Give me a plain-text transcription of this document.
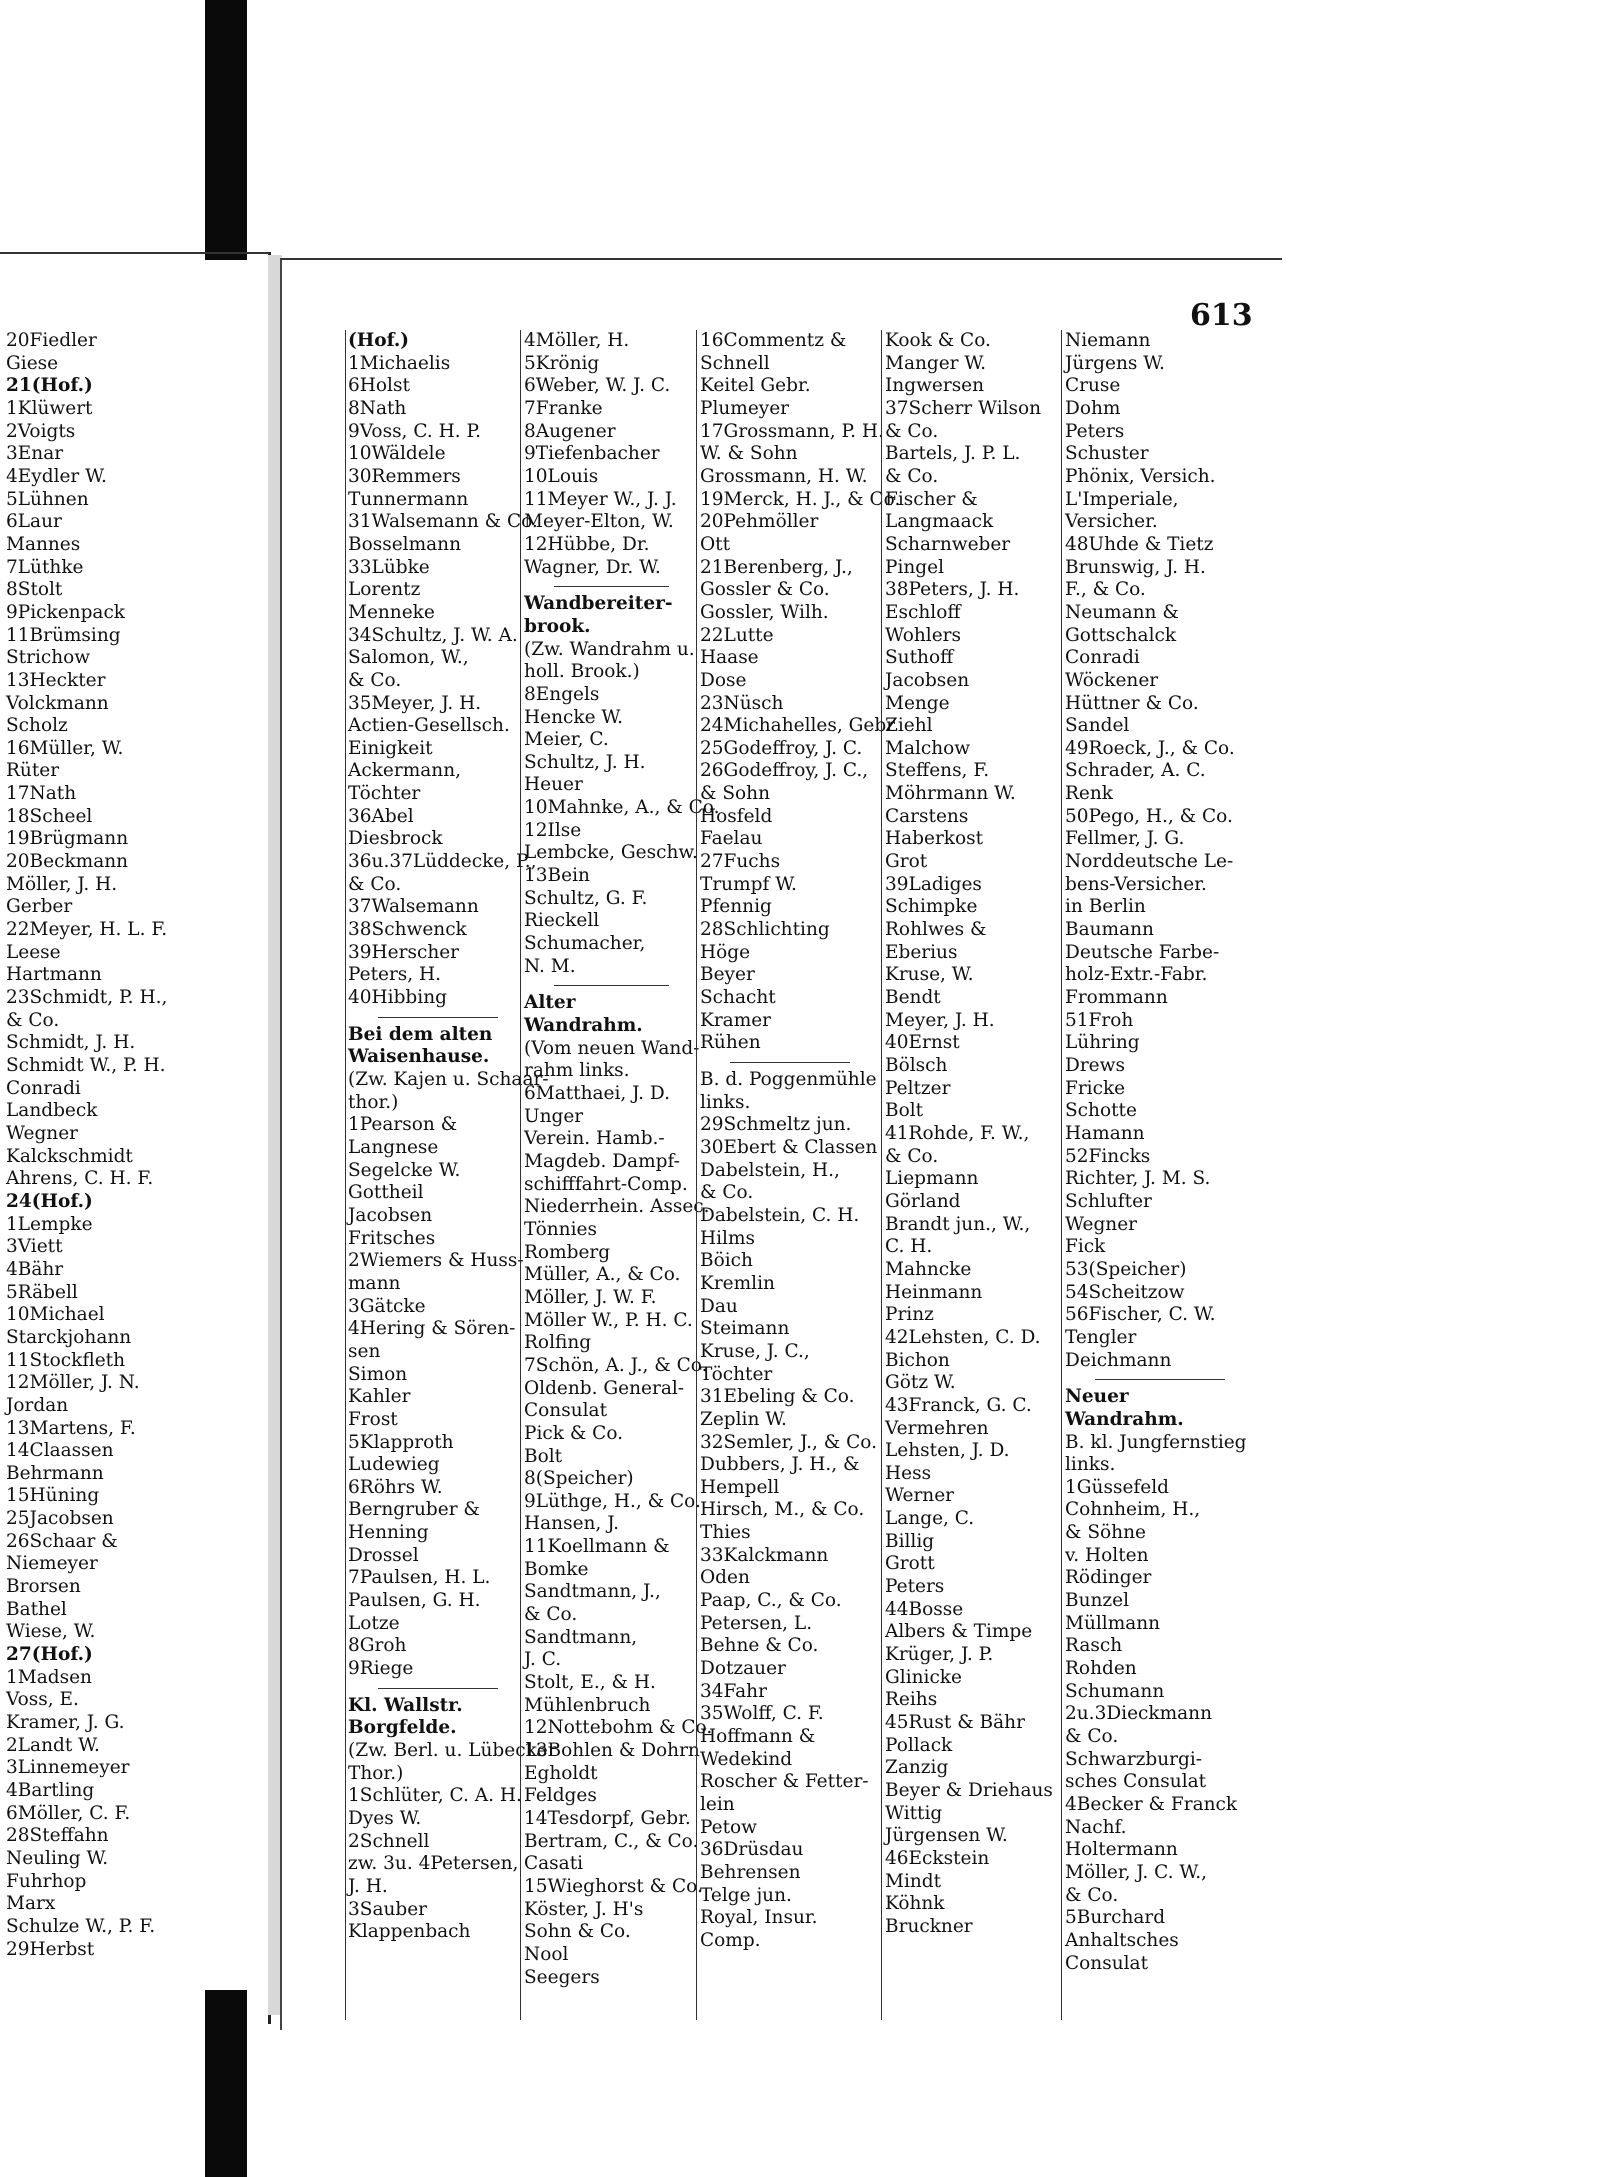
613
20Fiedler
Giese
21(Hof.)
1Klüwert
2Voigts
3Enar
4Eydler W.
5Lühnen
6Laur
Mannes
7Lüthke
8Stolt
9Pickenpack
11Brümsing
Strichow
13Heckter
Volckmann
Scholz
16Müller, W.
Rüter
17Nath
18Scheel
19Brügmann
20Beckmann
Möller, J. H.
Gerber
22Meyer, H. L. F.
Leese
Hartmann
23Schmidt, P. H.,
& Co.
Schmidt, J. H.
Schmidt W., P. H.
Conradi
Landbeck
Wegner
Kalckschmidt
Ahrens, C. H. F.
24(Hof.)
1Lempke
3Viett
4Bähr
5Räbell
10Michael
Starckjohann
11Stockfleth
12Möller, J. N.
Jordan
13Martens, F.
14Claassen
Behrmann
15Hüning
25Jacobsen
26Schaar &
Niemeyer
Brorsen
Bathel
Wiese, W.
27(Hof.)
1Madsen
Voss, E.
Kramer, J. G.
2Landt W.
3Linnemeyer
4Bartling
6Möller, C. F.
28Steffahn
Neuling W.
Fuhrhop
Marx
Schulze W., P. F.
29Herbst
(Hof.)
1Michaelis
6Holst
8Nath
9Voss, C. H. P.
10Wäldele
30Remmers
Tunnermann
31Walsemann & Co.
Bosselmann
33Lübke
Lorentz
Menneke
34Schultz, J. W. A.
Salomon, W.,
& Co.
35Meyer, J. H.
Actien-Gesellsch.
Einigkeit
Ackermann,
Töchter
36Abel
Diesbrock
36u.37Lüddecke, P.,
& Co.
37Walsemann
38Schwenck
39Herscher
Peters, H.
40Hibbing
Bei dem alten
Waisenhause.
(Zw. Kajen u. Schaar-
thor.)
1Pearson &
Langnese
Segelcke W.
Gottheil
Jacobsen
Fritsches
2Wiemers & Huss-
mann
3Gätcke
4Hering & Sören-
sen
Simon
Kahler
Frost
5Klapproth
Ludewieg
6Röhrs W.
Berngruber &
Henning
Drossel
7Paulsen, H. L.
Paulsen, G. H.
Lotze
8Groh
9Riege
Kl. Wallstr.
Borgfelde.
(Zw. Berl. u. Lübecker
Thor.)
1Schlüter, C. A. H.
Dyes W.
2Schnell
zw. 3u. 4Petersen,
J. H.
3Sauber
Klappenbach
4Möller, H.
5Krönig
6Weber, W. J. C.
7Franke
8Augener
9Tiefenbacher
10Louis
11Meyer W., J. J.
Meyer-Elton, W.
12Hübbe, Dr.
Wagner, Dr. W.
Wandbereiter-
brook.
(Zw. Wandrahm u.
holl. Brook.)
8Engels
Hencke W.
Meier, C.
Schultz, J. H.
Heuer
10Mahnke, A., & Co.
12Ilse
Lembcke, Geschw.
13Bein
Schultz, G. F.
Rieckell
Schumacher,
N. M.
Alter
Wandrahm.
(Vom neuen Wand-
rahm links.
6Matthaei, J. D.
Unger
Verein. Hamb.-
Magdeb. Dampf-
schifffahrt-Comp.
Niederrhein. Assec.
Tönnies
Romberg
Müller, A., & Co.
Möller, J. W. F.
Möller W., P. H. C.
Rolfing
7Schön, A. J., & Co.
Oldenb. General-
Consulat
Pick & Co.
Bolt
8(Speicher)
9Lüthge, H., & Co.
Hansen, J.
11Koellmann &
Bomke
Sandtmann, J.,
& Co.
Sandtmann,
J. C.
Stolt, E., & H.
Mühlenbruch
12Nottebohm & Co.
13Bohlen & Dohrn
Egholdt
Feldges
14Tesdorpf, Gebr.
Bertram, C., & Co.
Casati
15Wieghorst & Co.
Köster, J. H's
Sohn & Co.
Nool
Seegers
16Commentz &
Schnell
Keitel Gebr.
Plumeyer
17Grossmann, P. H.
W. & Sohn
Grossmann, H. W.
19Merck, H. J., & Co.
20Pehmöller
Ott
21Berenberg, J.,
Gossler & Co.
Gossler, Wilh.
22Lutte
Haase
Dose
23Nüsch
24Michahelles, Gebr
25Godeffroy, J. C.
26Godeffroy, J. C.,
& Sohn
Hosfeld
Faelau
27Fuchs
Trumpf W.
Pfennig
28Schlichting
Höge
Beyer
Schacht
Kramer
Rühen
B. d. Poggenmühle
links.
29Schmeltz jun.
30Ebert & Classen
Dabelstein, H.,
& Co.
Dabelstein, C. H.
Hilms
Böich
Kremlin
Dau
Steimann
Kruse, J. C.,
Töchter
31Ebeling & Co.
Zeplin W.
32Semler, J., & Co.
Dubbers, J. H., &
Hempell
Hirsch, M., & Co.
Thies
33Kalckmann
Oden
Paap, C., & Co.
Petersen, L.
Behne & Co.
Dotzauer
34Fahr
35Wolff, C. F.
Hoffmann &
Wedekind
Roscher & Fetter-
lein
Petow
36Drüsdau
Behrensen
Telge jun.
Royal, Insur.
Comp.
Kook & Co.
Manger W.
Ingwersen
37Scherr Wilson
& Co.
Bartels, J. P. L.
& Co.
Fischer &
Langmaack
Scharnweber
Pingel
38Peters, J. H.
Eschloff
Wohlers
Suthoff
Jacobsen
Menge
Ziehl
Malchow
Steffens, F.
Möhrmann W.
Carstens
Haberkost
Grot
39Ladiges
Schimpke
Rohlwes &
Eberius
Kruse, W.
Bendt
Meyer, J. H.
40Ernst
Bölsch
Peltzer
Bolt
41Rohde, F. W.,
& Co.
Liepmann
Görland
Brandt jun., W.,
C. H.
Mahncke
Heinmann
Prinz
42Lehsten, C. D.
Bichon
Götz W.
43Franck, G. C.
Vermehren
Lehsten, J. D.
Hess
Werner
Lange, C.
Billig
Grott
Peters
44Bosse
Albers & Timpe
Krüger, J. P.
Glinicke
Reihs
45Rust & Bähr
Pollack
Zanzig
Beyer & Driehaus
Wittig
Jürgensen W.
46Eckstein
Mindt
Köhnk
Bruckner
Niemann
Jürgens W.
Cruse
Dohm
Peters
Schuster
Phönix, Versich.
L'Imperiale,
Versicher.
48Uhde & Tietz
Brunswig, J. H.
F., & Co.
Neumann &
Gottschalck
Conradi
Wöckener
Hüttner & Co.
Sandel
49Roeck, J., & Co.
Schrader, A. C.
Renk
50Pego, H., & Co.
Fellmer, J. G.
Norddeutsche Le-
bens-Versicher.
in Berlin
Baumann
Deutsche Farbe-
holz-Extr.-Fabr.
Frommann
51Froh
Lühring
Drews
Fricke
Schotte
Hamann
52Fincks
Richter, J. M. S.
Schlufter
Wegner
Fick
53(Speicher)
54Scheitzow
56Fischer, C. W.
Tengler
Deichmann
Neuer
Wandrahm.
B. kl. Jungfernstieg
links.
1Güssefeld
Cohnheim, H.,
& Söhne
v. Holten
Rödinger
Bunzel
Müllmann
Rasch
Rohden
Schumann
2u.3Dieckmann
& Co.
Schwarzburgi-
sches Consulat
4Becker & Franck
Nachf.
Holtermann
Möller, J. C. W.,
& Co.
5Burchard
Anhaltsches
Consulat
